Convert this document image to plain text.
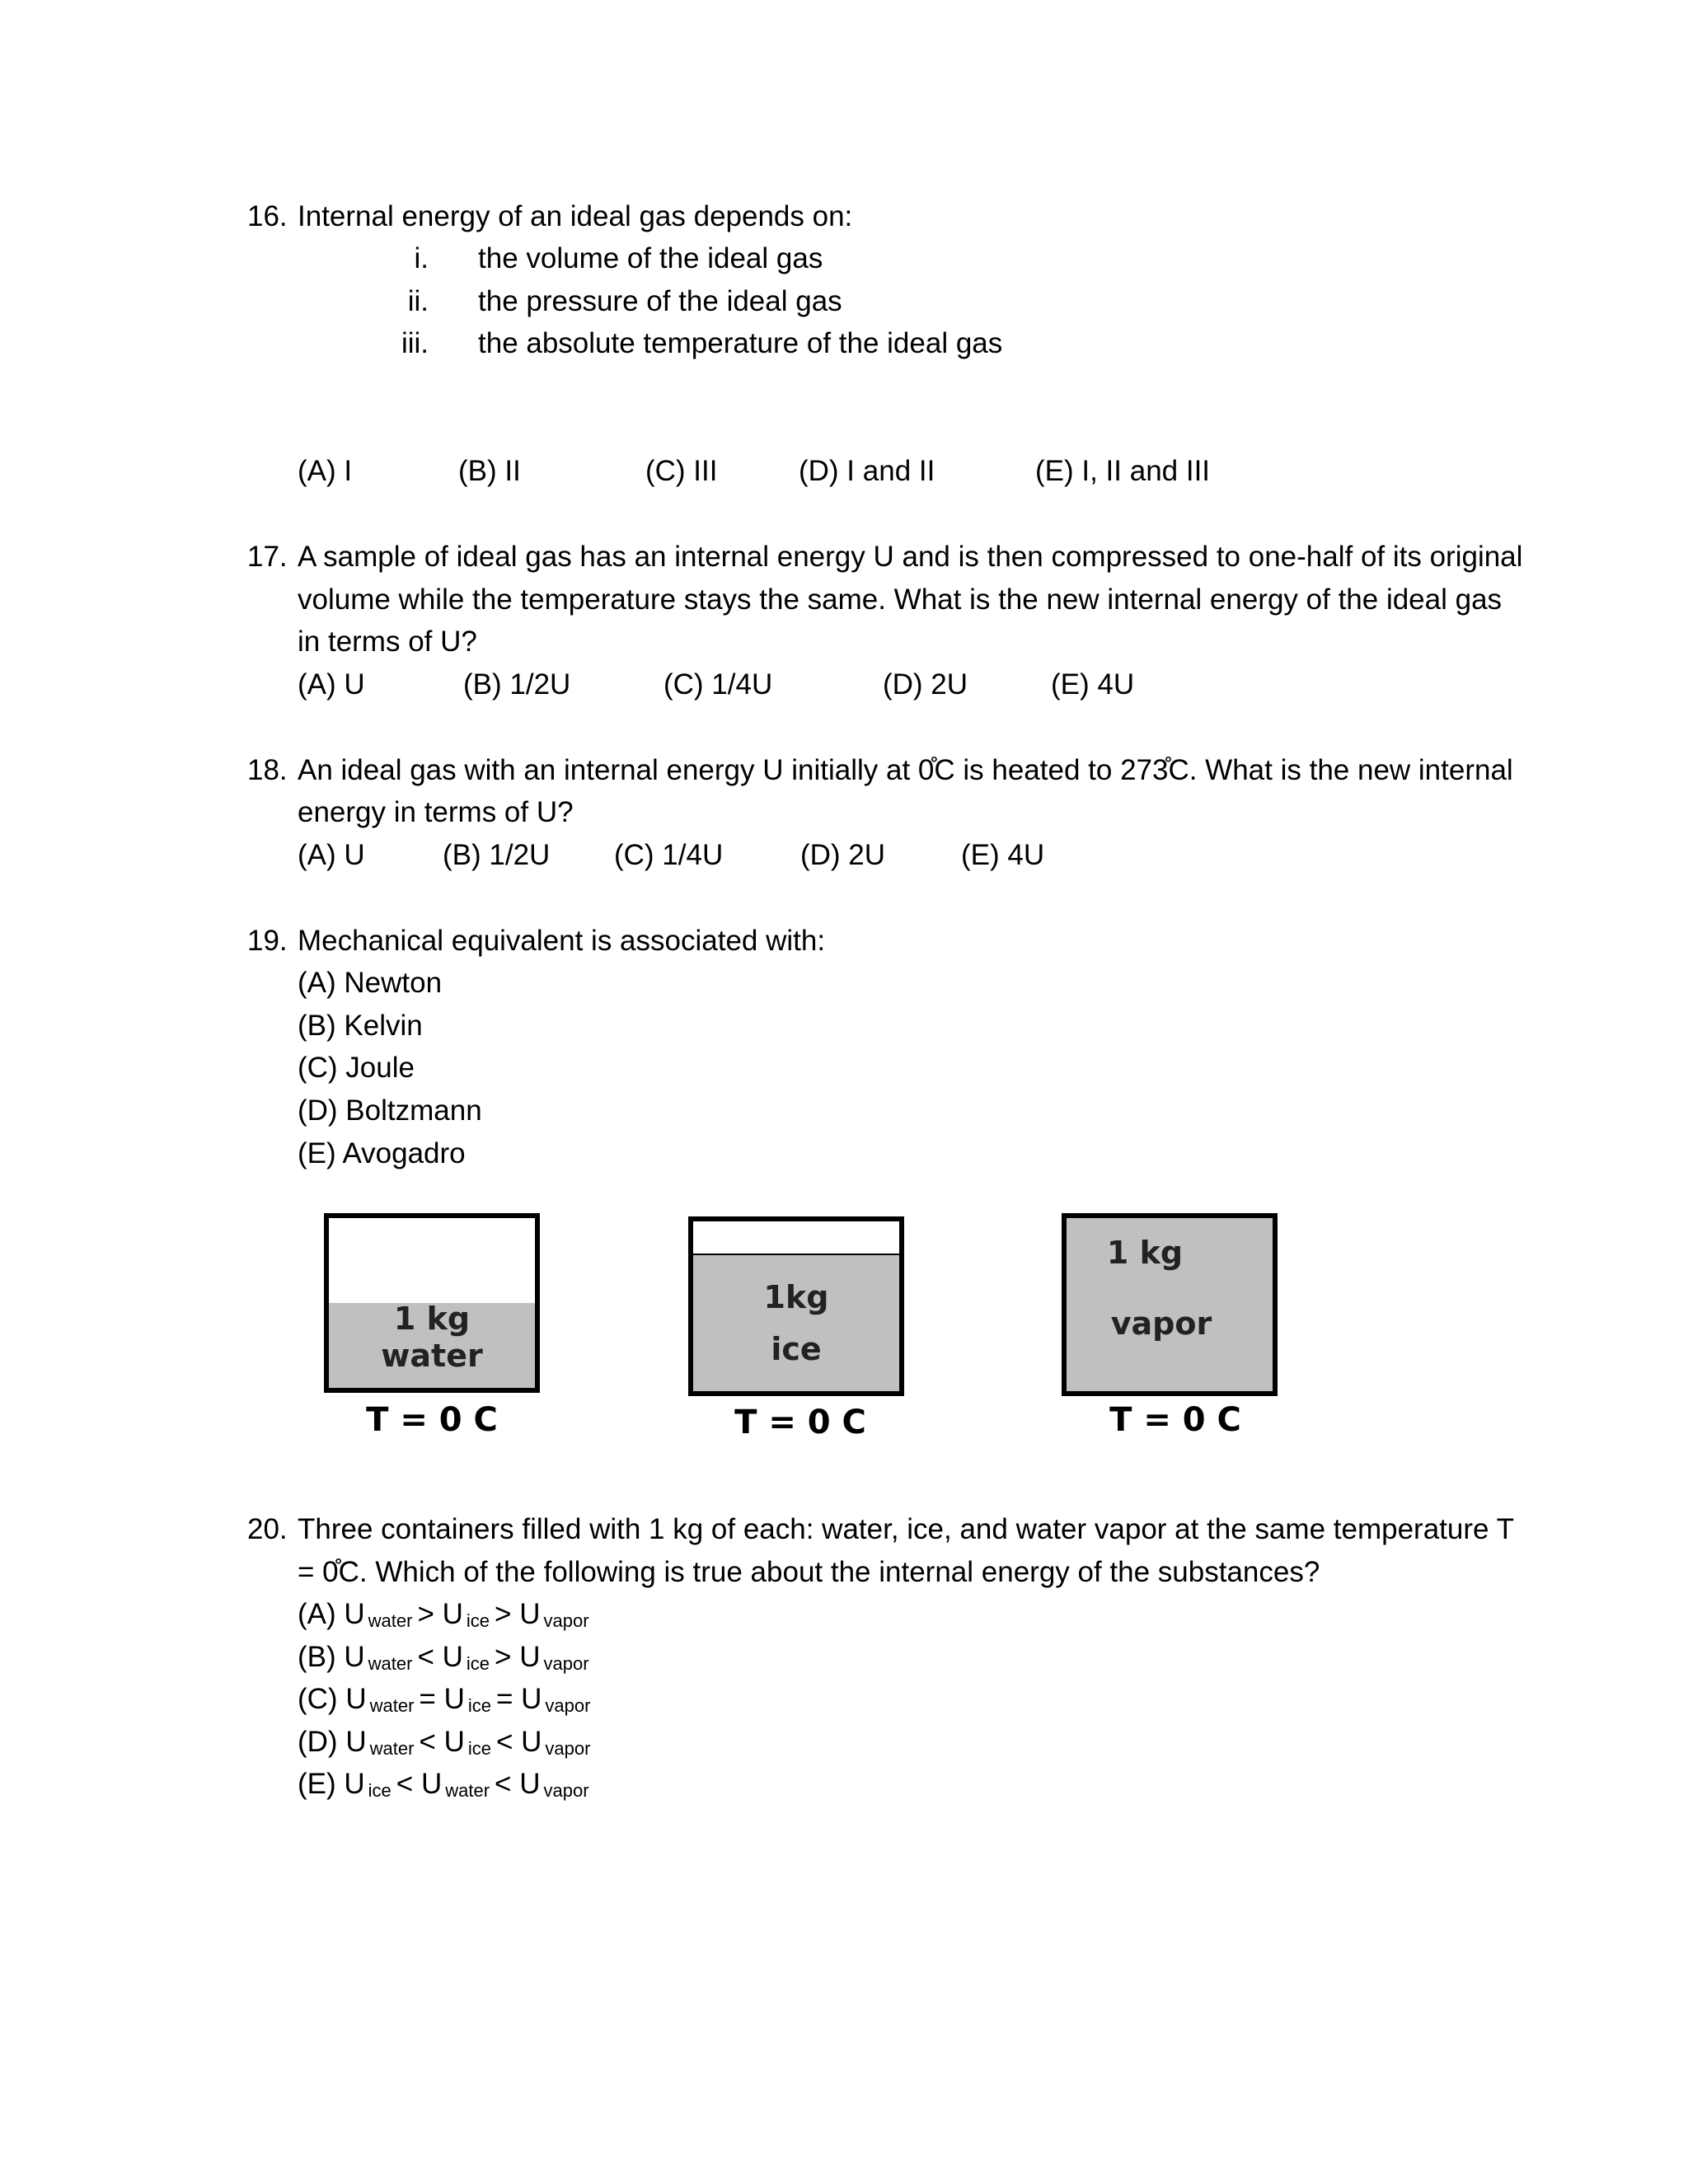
16. Internal energy of an ideal gas depends on:
i. the volume of the ideal gas
ii. the pressure of the ideal gas
iii. the absolute temperature of the ideal gas
(A) I	(B) II	(C) III	(D) I and II	(E) I, II and III
17. A sample of ideal gas has an internal energy U and is then compressed to one-half of its original
volume while the temperature stays the same. What is the new internal energy of the ideal gas
in terms of U?
(A) U	(B) 1/2U	(C) 1/4U	(D) 2U	(E) 4U
18. An ideal gas with an internal energy U initially at 0̊C is heated to 273̊C. What is the new internal
energy in terms of U?
(A) U	(B) 1/2U (C) 1/4U	(D) 2U	(E) 4U
19. Mechanical equivalent is associated with:
(A) Newton
(B) Kelvin
(C) Joule
(D) Boltzmann
(E) Avogadro
1 kg
water
T = 0 C
1kg
ice
T = 0 C
1 kg
vapor
T = 0 C
20. Three containers filled with 1 kg of each: water, ice, and water vapor at the same temperature T
= 0̊C. Which of the following is true about the internal energy of the substances?
(A) U $_{water}$ > U $_{ice}$ > U $_{vapor}$
(B) U $_{water}$ < U $_{ice}$ > U $_{vapor}$
(C) U $_{water}$ = U $_{ice}$ = U $_{vapor}$
(D) U $_{water}$ < U $_{ice}$ < U $_{vapor}$
(E) U $_{ice}$ < U $_{water}$ < U $_{vapor}$
